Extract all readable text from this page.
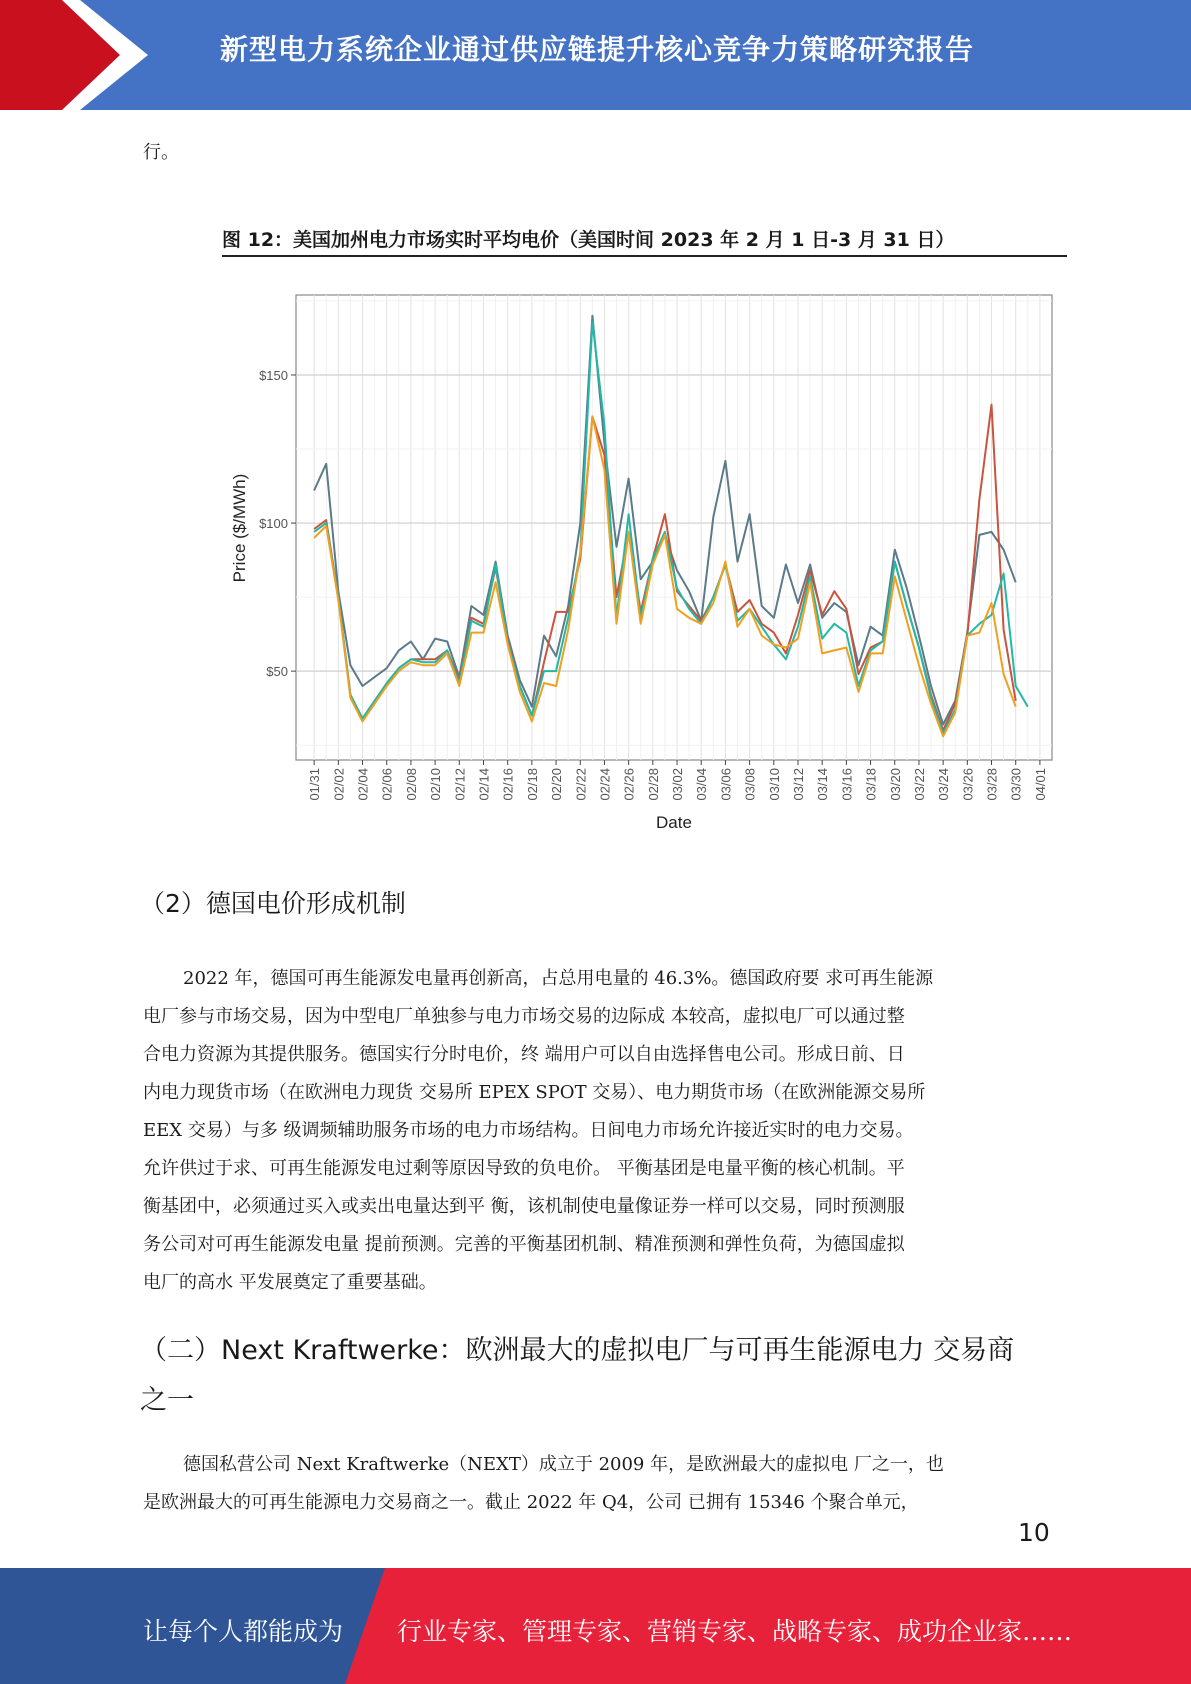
新型电力系统企业通过供应链提升核心竞争力策略研究报告
行。
图 12：美国加州电力市场实时平均电价（美国时间 2023 年 2 月 1 日-3 月 31 日）
01/31 02/02 02/04 02/06 02/08 02/10 02/12 02/14 02/16 02/18 02/20 02/22 02/24 02/26 02/28 03/02 03/04 03/06 03/08 03/10 03/12 03/14 03/16 03/18 03/20 03/22 03/24 03/26 03/28 03/30 04/01
$50
$100
$150
Price ($/MWh)
Date
（2）德国电价形成机制
2022 年，德国可再生能源发电量再创新高，占总用电量的 46.3%。德国政府要 求可再生能源
电厂参与市场交易，因为中型电厂单独参与电力市场交易的边际成 本较高，虚拟电厂可以通过整
合电力资源为其提供服务。德国实行分时电价，终 端用户可以自由选择售电公司。形成日前、日
内电力现货市场（在欧洲电力现货 交易所 EPEX SPOT 交易）、电力期货市场（在欧洲能源交易所
EEX 交易）与多 级调频辅助服务市场的电力市场结构。日间电力市场允许接近实时的电力交易。
允许供过于求、可再生能源发电过剩等原因导致的负电价。 平衡基团是电量平衡的核心机制。平
衡基团中，必须通过买入或卖出电量达到平 衡，该机制使电量像证券一样可以交易，同时预测服
务公司对可再生能源发电量 提前预测。完善的平衡基团机制、精准预测和弹性负荷，为德国虚拟
电厂的高水 平发展奠定了重要基础。
（二）Next Kraftwerke：欧洲最大的虚拟电厂与可再生能源电力 交易商
之一
德国私营公司 Next Kraftwerke（NEXT）成立于 2009 年，是欧洲最大的虚拟电 厂之一，也
是欧洲最大的可再生能源电力交易商之一。截止 2022 年 Q4，公司 已拥有 15346 个聚合单元，
10
让每个人都能成为 行业专家、管理专家、营销专家、战略专家、成功企业家……
